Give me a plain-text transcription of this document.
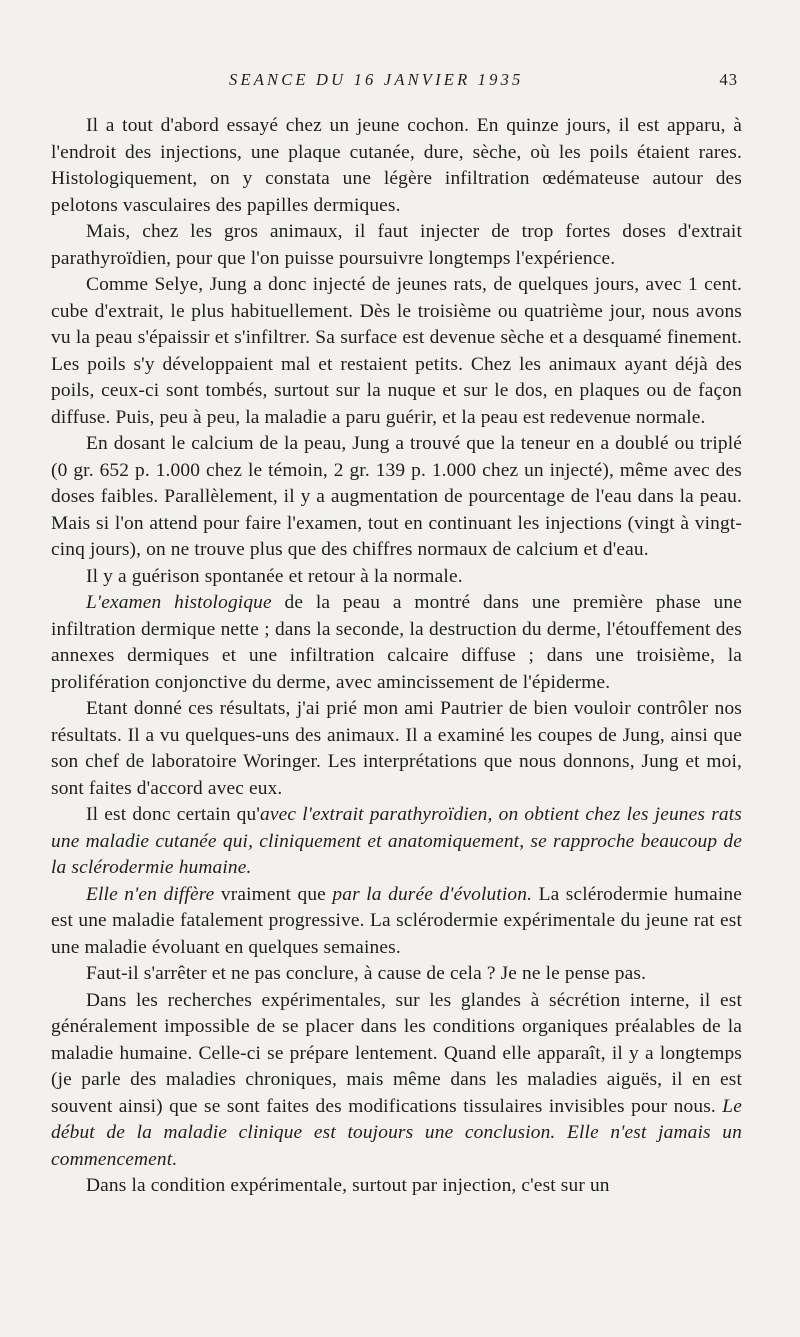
SEANCE DU 16 JANVIER 1935	43

Il a tout d'abord essayé chez un jeune cochon. En quinze jours, il est apparu, à l'endroit des injections, une plaque cutanée, dure, sèche, où les poils étaient rares. Histologiquement, on y constata une légère infiltration œdémateuse autour des pelotons vasculaires des papilles dermiques.

Mais, chez les gros animaux, il faut injecter de trop fortes doses d'extrait parathyroïdien, pour que l'on puisse poursuivre longtemps l'expérience.

Comme Selye, Jung a donc injecté de jeunes rats, de quelques jours, avec 1 cent. cube d'extrait, le plus habituellement. Dès le troisième ou quatrième jour, nous avons vu la peau s'épaissir et s'infiltrer. Sa surface est devenue sèche et a desquamé finement. Les poils s'y développaient mal et restaient petits. Chez les animaux ayant déjà des poils, ceux-ci sont tombés, surtout sur la nuque et sur le dos, en plaques ou de façon diffuse. Puis, peu à peu, la maladie a paru guérir, et la peau est redevenue normale.

En dosant le calcium de la peau, Jung a trouvé que la teneur en a doublé ou triplé (0 gr. 652 p. 1.000 chez le témoin, 2 gr. 139 p. 1.000 chez un injecté), même avec des doses faibles. Parallèlement, il y a augmentation de pourcentage de l'eau dans la peau. Mais si l'on attend pour faire l'examen, tout en continuant les injections (vingt à vingt-cinq jours), on ne trouve plus que des chiffres normaux de calcium et d'eau.

Il y a guérison spontanée et retour à la normale.

L'examen histologique de la peau a montré dans une première phase une infiltration dermique nette ; dans la seconde, la destruction du derme, l'étouffement des annexes dermiques et une infiltration calcaire diffuse ; dans une troisième, la prolifération conjonctive du derme, avec amincissement de l'épiderme.

Etant donné ces résultats, j'ai prié mon ami Pautrier de bien vouloir contrôler nos résultats. Il a vu quelques-uns des animaux. Il a examiné les coupes de Jung, ainsi que son chef de laboratoire Woringer. Les interprétations que nous donnons, Jung et moi, sont faites d'accord avec eux.

Il est donc certain qu'avec l'extrait parathyroïdien, on obtient chez les jeunes rats une maladie cutanée qui, cliniquement et anatomiquement, se rapproche beaucoup de la sclérodermie humaine.

Elle n'en diffère vraiment que par la durée d'évolution. La sclérodermie humaine est une maladie fatalement progressive. La sclérodermie expérimentale du jeune rat est une maladie évoluant en quelques semaines.

Faut-il s'arrêter et ne pas conclure, à cause de cela ? Je ne le pense pas.

Dans les recherches expérimentales, sur les glandes à sécrétion interne, il est généralement impossible de se placer dans les conditions organiques préalables de la maladie humaine. Celle-ci se prépare lentement. Quand elle apparaît, il y a longtemps (je parle des maladies chroniques, mais même dans les maladies aiguës, il en est souvent ainsi) que se sont faites des modifications tissulaires invisibles pour nous. Le début de la maladie clinique est toujours une conclusion. Elle n'est jamais un commencement.

Dans la condition expérimentale, surtout par injection, c'est sur un
